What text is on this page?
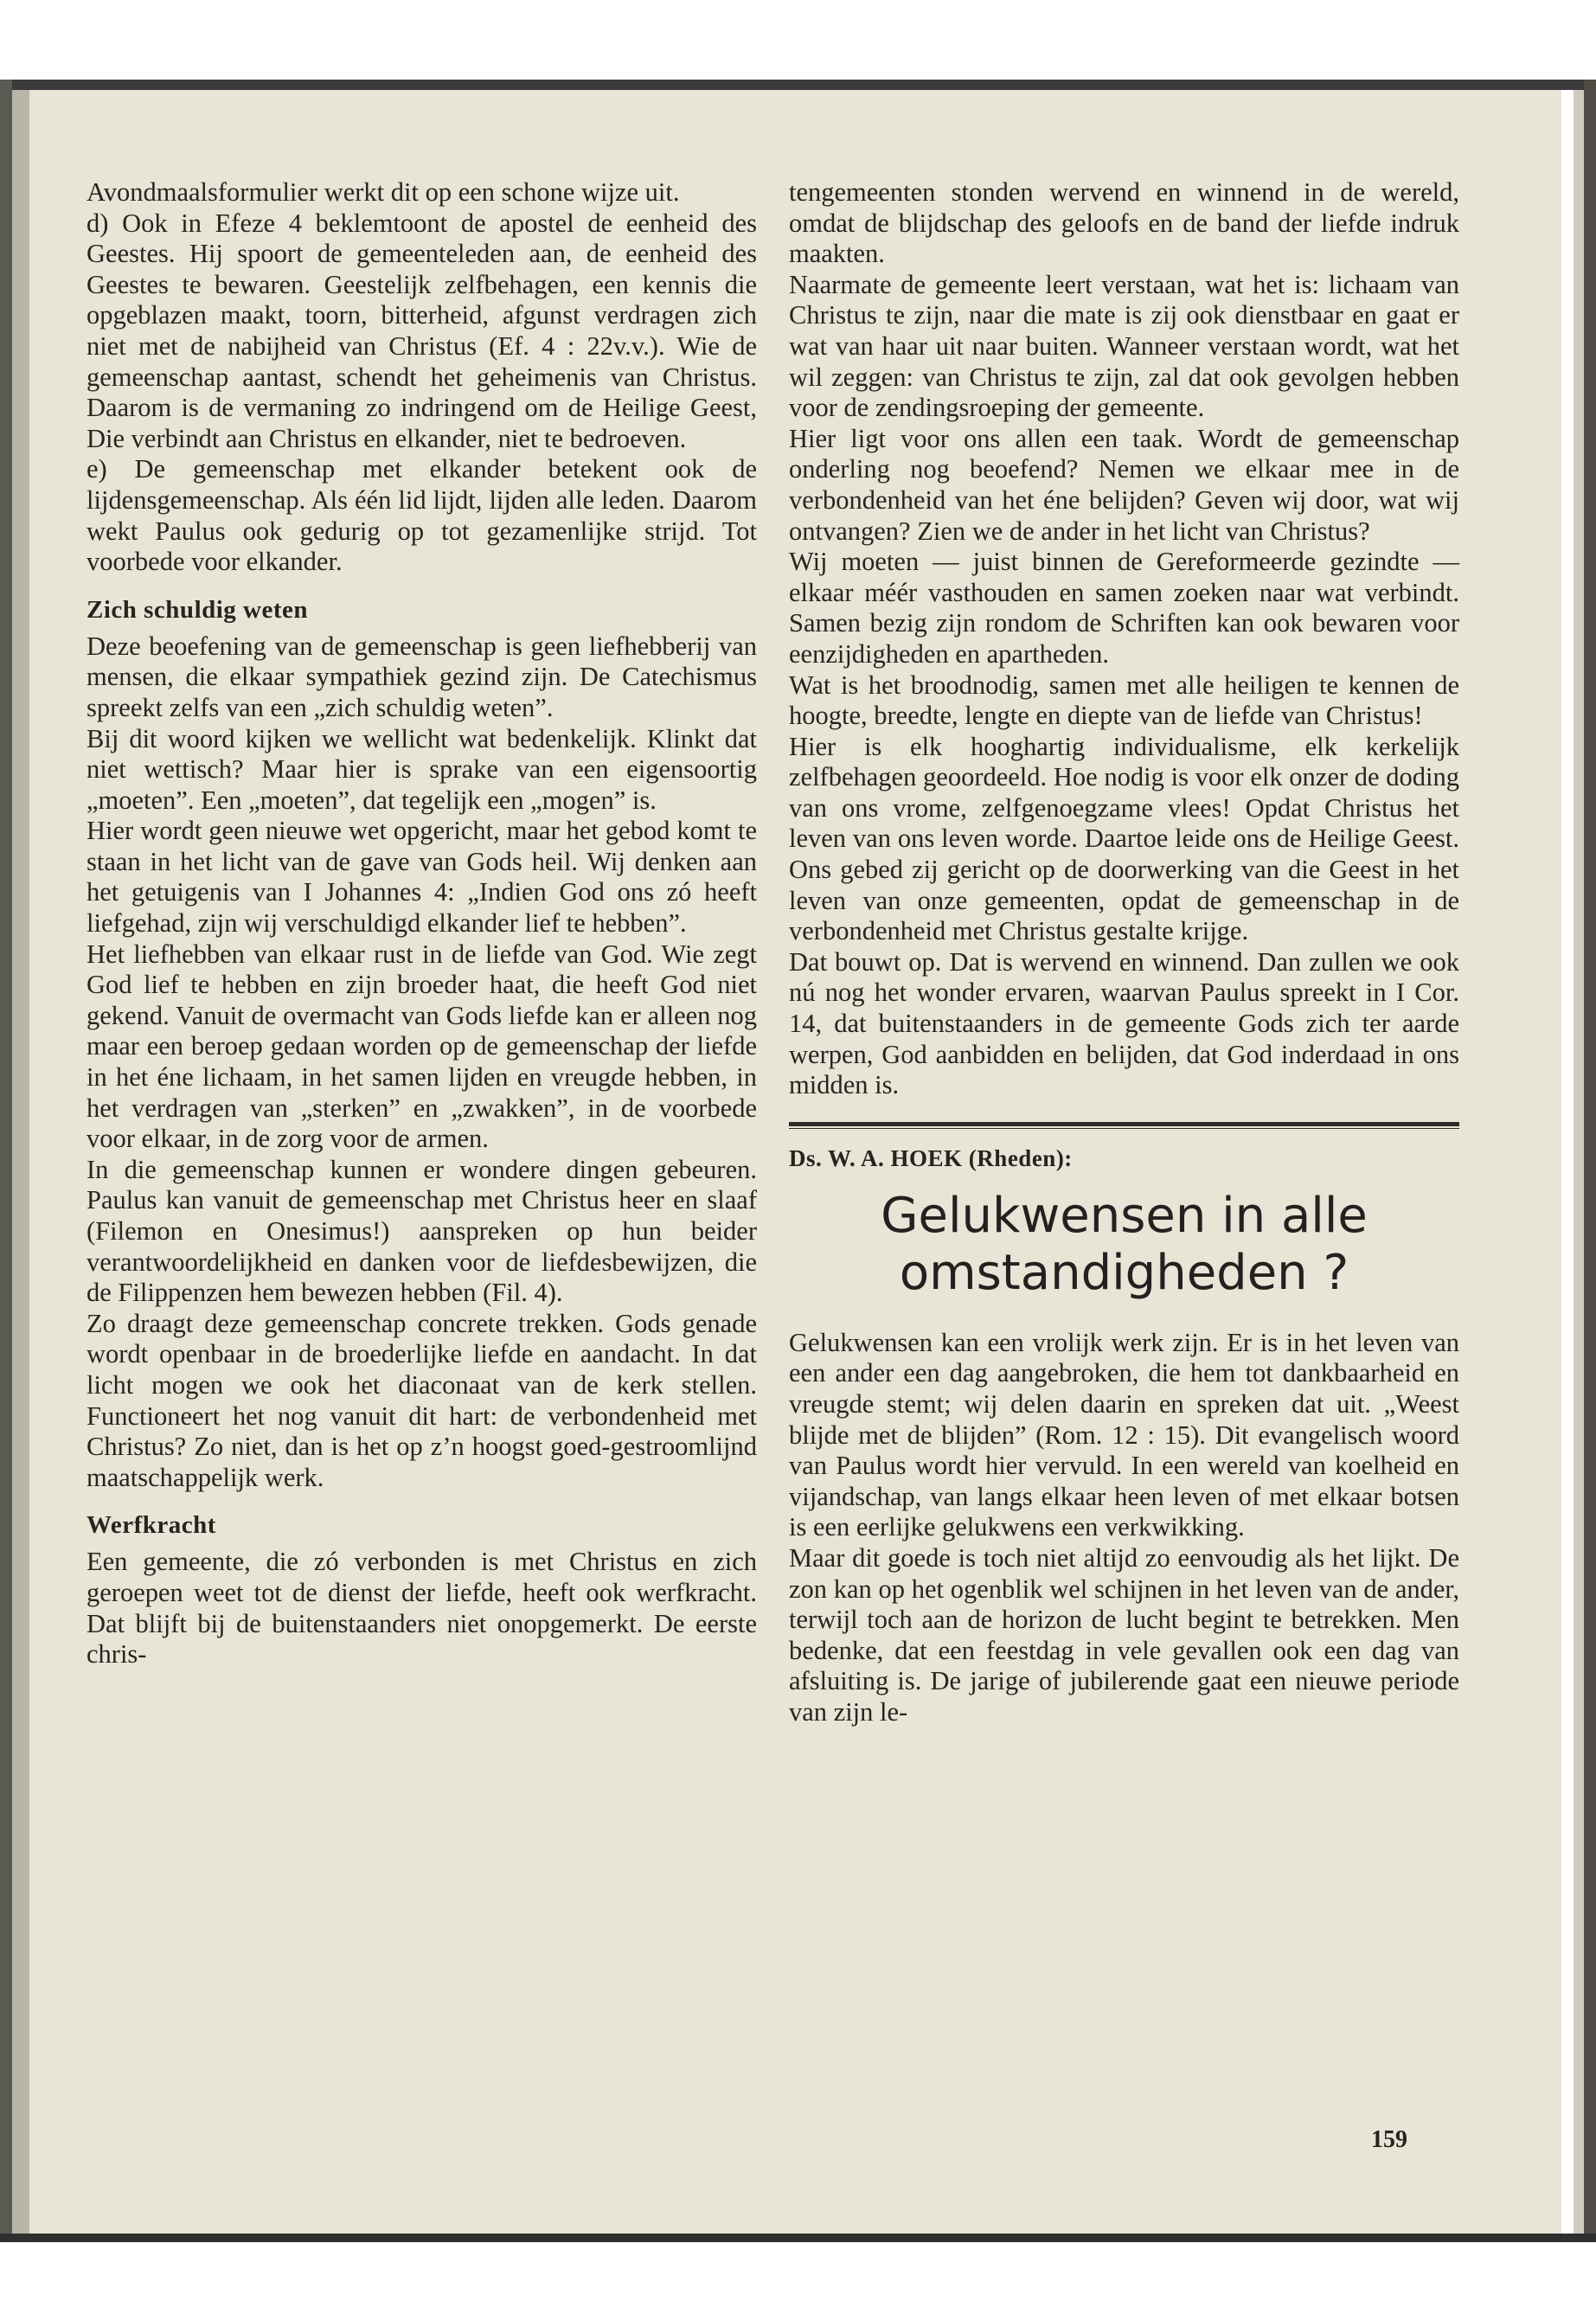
Avondmaalsformulier werkt dit op een schone wijze uit.

d) Ook in Efeze 4 beklemtoont de apostel de eenheid des Geestes. Hij spoort de gemeenteleden aan, de eenheid des Geestes te bewaren. Geestelijk zelfbehagen, een kennis die opgeblazen maakt, toorn, bitterheid, afgunst verdragen zich niet met de nabijheid van Christus (Ef. 4 : 22v.v.). Wie de gemeenschap aantast, schendt het geheimenis van Christus. Daarom is de vermaning zo indringend om de Heilige Geest, Die verbindt aan Christus en elkander, niet te bedroeven.

e) De gemeenschap met elkander betekent ook de lijdensgemeenschap. Als één lid lijdt, lijden alle leden. Daarom wekt Paulus ook gedurig op tot gezamenlijke strijd. Tot voorbede voor elkander.

Zich schuldig weten

Deze beoefening van de gemeenschap is geen liefhebberij van mensen, die elkaar sympathiek gezind zijn. De Catechismus spreekt zelfs van een „zich schuldig weten”.

Bij dit woord kijken we wellicht wat bedenkelijk. Klinkt dat niet wettisch? Maar hier is sprake van een eigensoortig „moeten”. Een „moeten”, dat tegelijk een „mogen” is.

Hier wordt geen nieuwe wet opgericht, maar het gebod komt te staan in het licht van de gave van Gods heil. Wij denken aan het getuigenis van I Johannes 4: „Indien God ons zó heeft liefgehad, zijn wij verschuldigd elkander lief te hebben”.

Het liefhebben van elkaar rust in de liefde van God. Wie zegt God lief te hebben en zijn broeder haat, die heeft God niet gekend. Vanuit de overmacht van Gods liefde kan er alleen nog maar een beroep gedaan worden op de gemeenschap der liefde in het éne lichaam, in het samen lijden en vreugde hebben, in het verdragen van „sterken” en „zwakken”, in de voorbede voor elkaar, in de zorg voor de armen.

In die gemeenschap kunnen er wondere dingen gebeuren. Paulus kan vanuit de gemeenschap met Christus heer en slaaf (Filemon en Onesimus!) aanspreken op hun beider verantwoordelijkheid en danken voor de liefdesbewijzen, die de Filippenzen hem bewezen hebben (Fil. 4).

Zo draagt deze gemeenschap concrete trekken. Gods genade wordt openbaar in de broederlijke liefde en aandacht. In dat licht mogen we ook het diaconaat van de kerk stellen. Functioneert het nog vanuit dit hart: de verbondenheid met Christus? Zo niet, dan is het op z’n hoogst goed-gestroomlijnd maatschappelijk werk.

Werfkracht

Een gemeente, die zó verbonden is met Christus en zich geroepen weet tot de dienst der liefde, heeft ook werfkracht. Dat blijft bij de buitenstaanders niet onopgemerkt. De eerste chris-

tengemeenten stonden wervend en winnend in de wereld, omdat de blijdschap des geloofs en de band der liefde indruk maakten.

Naarmate de gemeente leert verstaan, wat het is: lichaam van Christus te zijn, naar die mate is zij ook dienstbaar en gaat er wat van haar uit naar buiten. Wanneer verstaan wordt, wat het wil zeggen: van Christus te zijn, zal dat ook gevolgen hebben voor de zendingsroeping der gemeente.

Hier ligt voor ons allen een taak. Wordt de gemeenschap onderling nog beoefend? Nemen we elkaar mee in de verbondenheid van het éne belijden? Geven wij door, wat wij ontvangen? Zien we de ander in het licht van Christus?

Wij moeten — juist binnen de Gereformeerde gezindte — elkaar méér vasthouden en samen zoeken naar wat verbindt. Samen bezig zijn rondom de Schriften kan ook bewaren voor eenzijdigheden en apartheden.

Wat is het broodnodig, samen met alle heiligen te kennen de hoogte, breedte, lengte en diepte van de liefde van Christus!

Hier is elk hooghartig individualisme, elk kerkelijk zelfbehagen geoordeeld. Hoe nodig is voor elk onzer de doding van ons vrome, zelfgenoegzame vlees! Opdat Christus het leven van ons leven worde. Daartoe leide ons de Heilige Geest. Ons gebed zij gericht op de doorwerking van die Geest in het leven van onze gemeenten, opdat de gemeenschap in de verbondenheid met Christus gestalte krijge.

Dat bouwt op. Dat is wervend en winnend. Dan zullen we ook nú nog het wonder ervaren, waarvan Paulus spreekt in I Cor. 14, dat buitenstaanders in de gemeente Gods zich ter aarde werpen, God aanbidden en belijden, dat God inderdaad in ons midden is.

Ds. W. A. HOEK (Rheden):
Gelukwensen in alle omstandigheden ?

Gelukwensen kan een vrolijk werk zijn. Er is in het leven van een ander een dag aangebroken, die hem tot dankbaarheid en vreugde stemt; wij delen daarin en spreken dat uit. „Weest blijde met de blijden” (Rom. 12 : 15). Dit evangelisch woord van Paulus wordt hier vervuld. In een wereld van koelheid en vijandschap, van langs elkaar heen leven of met elkaar botsen is een eerlijke gelukwens een verkwikking.

Maar dit goede is toch niet altijd zo eenvoudig als het lijkt. De zon kan op het ogenblik wel schijnen in het leven van de ander, terwijl toch aan de horizon de lucht begint te betrekken. Men bedenke, dat een feestdag in vele gevallen ook een dag van afsluiting is. De jarige of jubilerende gaat een nieuwe periode van zijn le-

159
